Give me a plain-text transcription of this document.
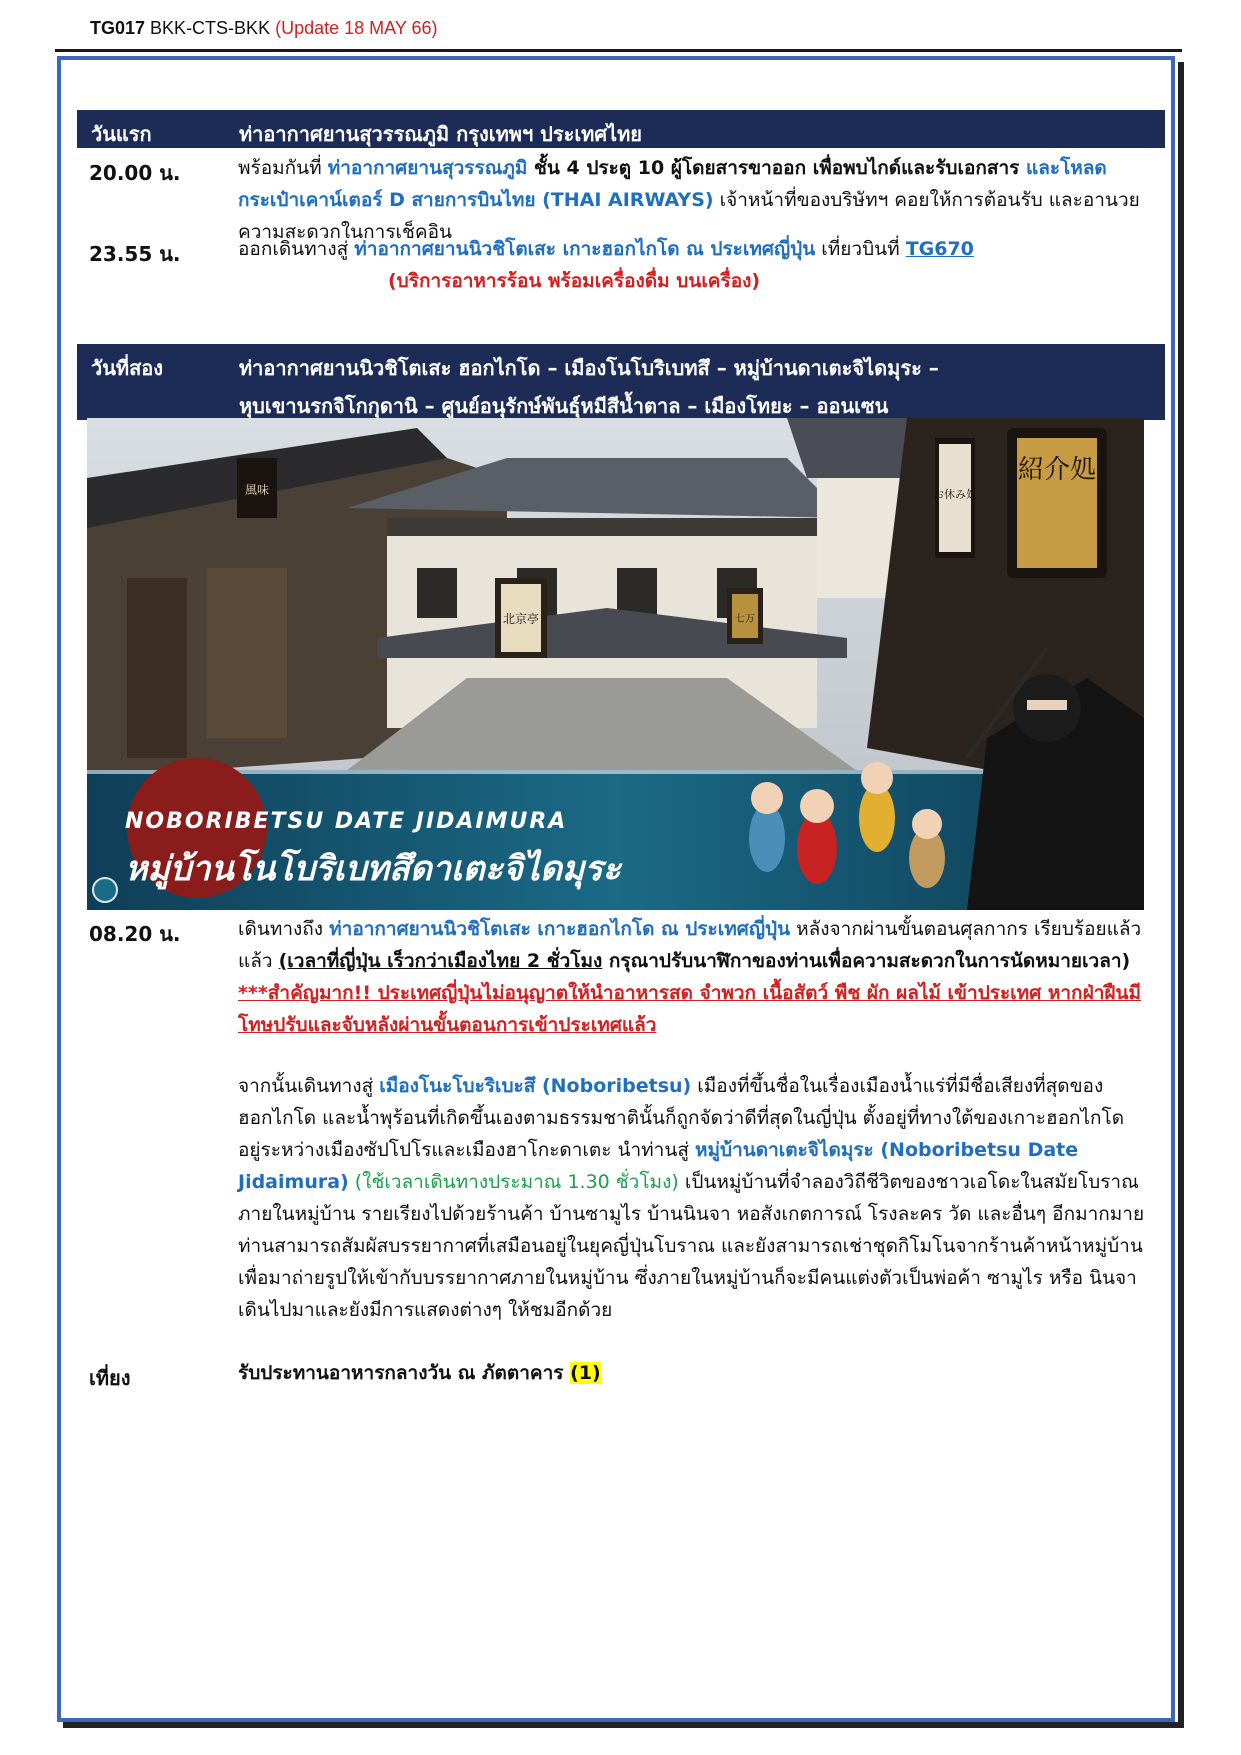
TG017 BKK-CTS-BKK (Update 18 MAY 66)
วันแรก	ท่าอากาศยานสุวรรณภูมิ กรุงเทพฯ ประเทศไทย
20.00 น.	พร้อมกันที่ ท่าอากาศยานสุวรรณภูมิ ชั้น 4 ประตู 10 ผู้โดยสารขาออก เพื่อพบไกด์และรับเอกสาร และโหลดกระเป๋าเคาน์เตอร์ D สายการบินไทย (THAI AIRWAYS) เจ้าหน้าที่ของบริษัทฯ คอยให้การต้อนรับ และอานวยความสะดวกในการเช็คอิน
23.55 น.	ออกเดินทางสู่ ท่าอากาศยานนิวชิโตเสะ เกาะฮอกไกโด ณ ประเทศญี่ปุ่น เที่ยวบินที่ TG670
(บริการอาหารร้อน พร้อมเครื่องดื่ม บนเครื่อง)
วันที่สอง	ท่าอากาศยานนิวชิโตเสะ ฮอกไกโด – เมืองโนโบริเบทสึ – หมู่บ้านดาเตะจิไดมุระ –
หุบเขานรกจิโกกุดานิ – ศูนย์อนุรักษ์พันธุ์หมีสีน้ำตาล – เมืองโทยะ – ออนเซน
紹介処
北京亭	七万
お休み処
風味
NOBORIBETSU DATE JIDAIMURA
หมู่บ้านโนโบริเบทสึดาเตะจิไดมุระ
08.20 น.	เดินทางถึง ท่าอากาศยานนิวชิโตเสะ เกาะฮอกไกโด ณ ประเทศญี่ปุ่น หลังจากผ่านขั้นตอนศุลกากร เรียบร้อยแล้ว แล้ว (เวลาที่ญี่ปุ่น เร็วกว่าเมืองไทย 2 ชั่วโมง กรุณาปรับนาฬิกาของท่านเพื่อความสะดวกในการนัดหมายเวลา) ***สำคัญมาก!! ประเทศญี่ปุ่นไม่อนุญาตให้นำอาหารสด จำพวก เนื้อสัตว์ พืช ผัก ผลไม้ เข้าประเทศ หากฝ่าฝืนมีโทษปรับและจับหลังผ่านขั้นตอนการเข้าประเทศแล้ว
จากนั้นเดินทางสู่ เมืองโนะโบะริเบะสึ (Noboribetsu) เมืองที่ขึ้นชื่อในเรื่องเมืองน้ำแร่ที่มีชื่อเสียงที่สุดของฮอกไกโด และน้ำพุร้อนที่เกิดขึ้นเองตามธรรมชาตินั้นก็ถูกจัดว่าดีที่สุดในญี่ปุ่น ตั้งอยู่ที่ทางใต้ของเกาะฮอกไกโด อยู่ระหว่างเมืองซัปโปโรและเมืองฮาโกะดาเตะ นำท่านสู่ หมู่บ้านดาเตะจิไดมุระ (Noboribetsu Date Jidaimura) (ใช้เวลาเดินทางประมาณ 1.30 ชั่วโมง) เป็นหมู่บ้านที่จำลองวิถีชีวิตของชาวเอโดะในสมัยโบราณ ภายในหมู่บ้าน รายเรียงไปด้วยร้านค้า บ้านซามูไร บ้านนินจา หอสังเกตการณ์ โรงละคร วัด และอื่นๆ อีกมากมาย ท่านสามารถสัมผัสบรรยากาศที่เสมือนอยู่ในยุคญี่ปุ่นโบราณ และยังสามารถเช่าชุดกิโมโนจากร้านค้าหน้าหมู่บ้านเพื่อมาถ่ายรูปให้เข้ากับบรรยากาศภายในหมู่บ้าน ซึ่งภายในหมู่บ้านก็จะมีคนแต่งตัวเป็นพ่อค้า ซามูไร หรือ นินจา เดินไปมาและยังมีการแสดงต่างๆ ให้ชมอีกด้วย
เที่ยง	รับประทานอาหารกลางวัน ณ ภัตตาคาร (1)
